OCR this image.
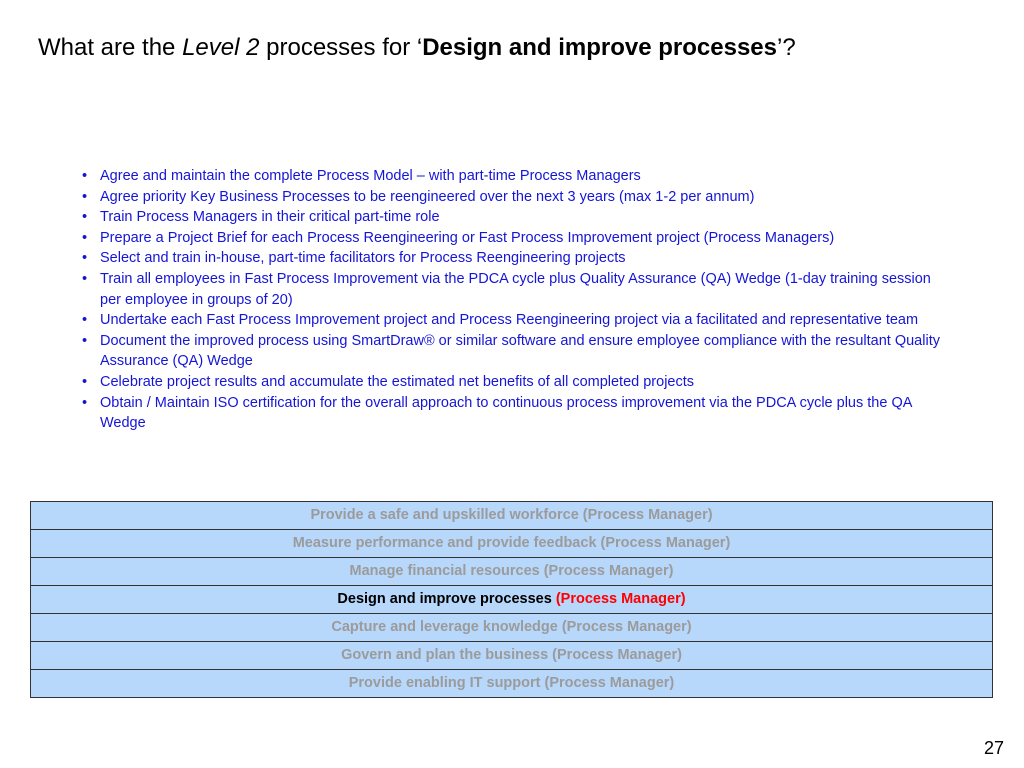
What are the Level 2 processes for ‘Design and improve processes’?
• Agree and maintain the complete Process Model – with part-time Process Managers
• Agree priority Key Business Processes to be reengineered over the next 3 years (max 1-2 per annum)
• Train Process Managers in their critical part-time role
• Prepare a Project Brief for each Process Reengineering or Fast Process Improvement project (Process Managers)
• Select and train in-house, part-time facilitators for Process Reengineering projects
• Train all employees in Fast Process Improvement via the PDCA cycle plus Quality Assurance (QA) Wedge (1-day training session per employee in groups of 20)
• Undertake each Fast Process Improvement project and Process Reengineering project via a facilitated and representative team
• Document the improved process using SmartDraw® or similar software and ensure employee compliance with the resultant Quality Assurance (QA) Wedge
• Celebrate project results and accumulate the estimated net benefits of all completed projects
• Obtain / Maintain ISO certification for the overall approach to continuous process improvement via the PDCA cycle plus the QA Wedge
Provide a safe and upskilled workforce (Process Manager)
Measure performance and provide feedback (Process Manager)
Manage financial resources (Process Manager)
Design and improve processes (Process Manager)
Capture and leverage knowledge (Process Manager)
Govern and plan the business (Process Manager)
Provide enabling IT support (Process Manager)
27
